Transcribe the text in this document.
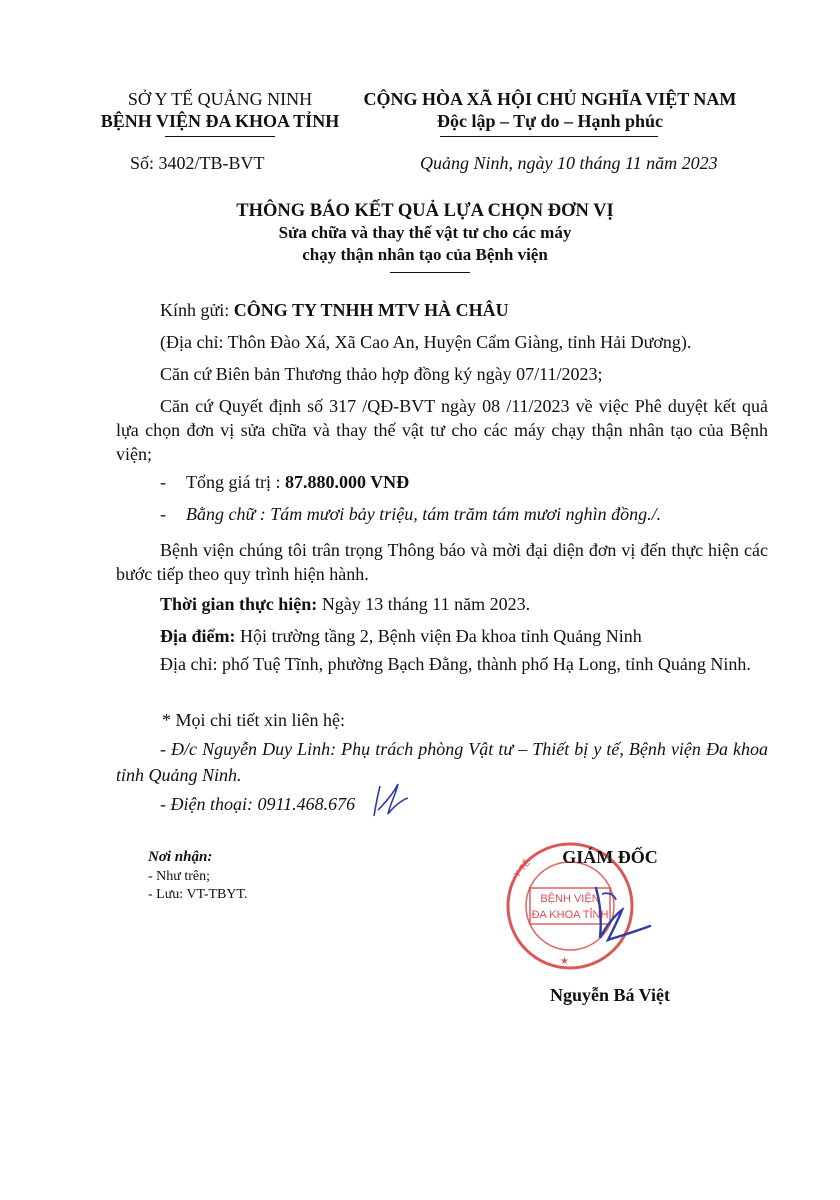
SỞ Y TẾ QUẢNG NINH
BỆNH VIỆN ĐA KHOA TỈNH
CỘNG HÒA XÃ HỘI CHỦ NGHĨA VIỆT NAM
Độc lập – Tự do – Hạnh phúc
Số: 3402/TB-BVT	Quảng Ninh, ngày 10 tháng 11 năm 2023
THÔNG BÁO KẾT QUẢ LỰA CHỌN ĐƠN VỊ
Sửa chữa và thay thế vật tư cho các máy
chạy thận nhân tạo của Bệnh viện
Kính gửi: CÔNG TY TNHH MTV HÀ CHÂU
(Địa chỉ: Thôn Đào Xá, Xã Cao An, Huyện Cẩm Giàng, tỉnh Hải Dương).
Căn cứ Biên bản Thương thảo hợp đồng ký ngày 07/11/2023;
Căn cứ Quyết định số 317 /QĐ-BVT ngày 08 /11/2023 về việc Phê duyệt kết quả lựa chọn đơn vị sửa chữa và thay thế vật tư cho các máy chạy thận nhân tạo của Bệnh viện;
- Tổng giá trị : 87.880.000 VNĐ
- Bằng chữ : Tám mươi bảy triệu, tám trăm tám mươi nghìn đồng./.
Bệnh viện chúng tôi trân trọng Thông báo và mời đại diện đơn vị đến thực hiện các bước tiếp theo quy trình hiện hành.
Thời gian thực hiện: Ngày 13 tháng 11 năm 2023.
Địa điểm: Hội trường tầng 2, Bệnh viện Đa khoa tỉnh Quảng Ninh
Địa chỉ: phố Tuệ Tĩnh, phường Bạch Đằng, thành phố Hạ Long, tỉnh Quảng Ninh.
* Mọi chi tiết xin liên hệ:
- Đ/c Nguyễn Duy Linh: Phụ trách phòng Vật tư – Thiết bị y tế, Bệnh viện Đa khoa tỉnh Quảng Ninh.
- Điện thoại: 0911.468.676
Nơi nhận:
- Như trên;
- Lưu: VT-TBYT.	BỆNH VIỆN
ĐA KHOA TỈNH
Y TẾ
★
GIÁM ĐỐC
Nguyễn Bá Việt
